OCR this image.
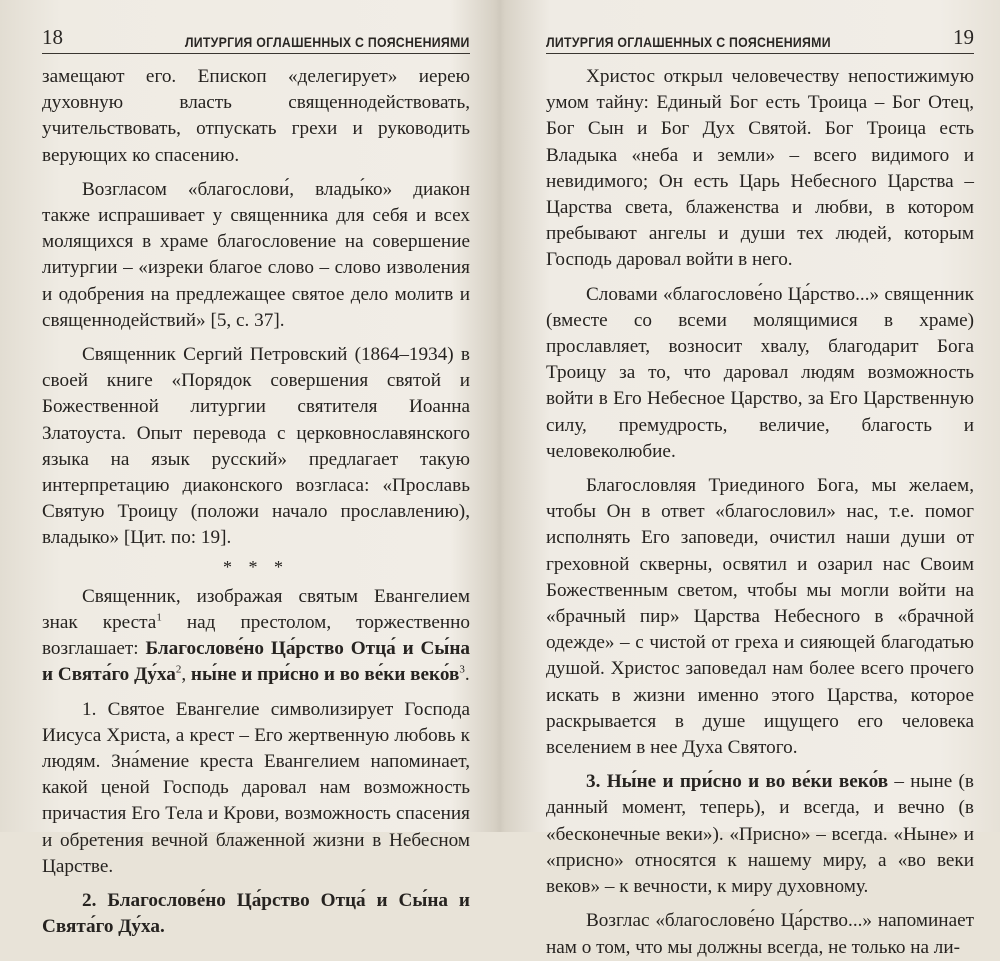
18	ЛИТУРГИЯ ОГЛАШЕННЫХ С ПОЯСНЕНИЯМИ

замещают его. Епископ «делегирует» иерею духовную власть священнодействовать, учительствовать, отпускать грехи и руководить верующих ко спасению.

Возгласом «благослови́, влады́ко» диакон также испрашивает у священника для себя и всех молящихся в храме благословение на совершение литургии – «изреки благое слово – слово изволения и одобрения на предлежащее святое дело молитв и священнодействий» [5, с. 37].

Священник Сергий Петровский (1864–1934) в своей книге «Порядок совершения святой и Божественной литургии святителя Иоанна Златоуста. Опыт перевода с церковнославянского языка на язык русский» предлагает такую интерпретацию диаконского возгласа: «Прославь Святую Троицу (положи начало прославлению), владыко» [Цит. по: 19].

* * *

Священник, изображая святым Евангелием знак креста$^1$ над престолом, торжественно возглашает: Благослове́но Ца́рство Отца́ и Сы́на и Свята́го $Ду́ха^2$, ны́не и при́сно и во ве́ки $веко́в^3$.

1. Святое Евангелие символизирует Господа Иисуса Христа, а крест – Его жертвенную любовь к людям. Зна́мение креста Евангелием напоминает, какой ценой Господь даровал нам возможность причастия Его Тела и Крови, возможность спасения и обретения вечной блаженной жизни в Небесном Царстве.

2. Благослове́но Ца́рство Отца́ и Сы́на и Свята́го Ду́ха.

ЛИТУРГИЯ ОГЛАШЕННЫХ С ПОЯСНЕНИЯМИ	19

Христос открыл человечеству непостижимую умом тайну: Единый Бог есть Троица – Бог Отец, Бог Сын и Бог Дух Святой. Бог Троица есть Владыка «неба и земли» – всего видимого и невидимого; Он есть Царь Небесного Царства – Царства света, блаженства и любви, в котором пребывают ангелы и души тех людей, которым Господь даровал войти в него.

Словами «благослове́но Ца́рство...» священник (вместе со всеми молящимися в храме) прославляет, возносит хвалу, благодарит Бога Троицу за то, что даровал людям возможность войти в Его Небесное Царство, за Его Царственную силу, премудрость, величие, благость и человеколюбие.

Благословляя Триединого Бога, мы желаем, чтобы Он в ответ «благословил» нас, т.е. помог исполнять Его заповеди, очистил наши души от греховной скверны, освятил и озарил нас Своим Божественным светом, чтобы мы могли войти на «брачный пир» Царства Небесного в «брачной одежде» – с чистой от греха и сияющей благодатью душой. Христос заповедал нам более всего прочего искать в жизни именно этого Царства, которое раскрывается в душе ищущего его человека вселением в нее Духа Святого.

3. Ны́не и при́сно и во ве́ки веко́в – ныне (в данный момент, теперь), и всегда, и вечно (в «бесконечные веки»). «Присно» – всегда. «Ныне» и «присно» относятся к нашему миру, а «во веки веков» – к вечности, к миру духовному.

Возглас «благослове́но Ца́рство...» напоминает нам о том, что мы должны всегда, не только на ли-
